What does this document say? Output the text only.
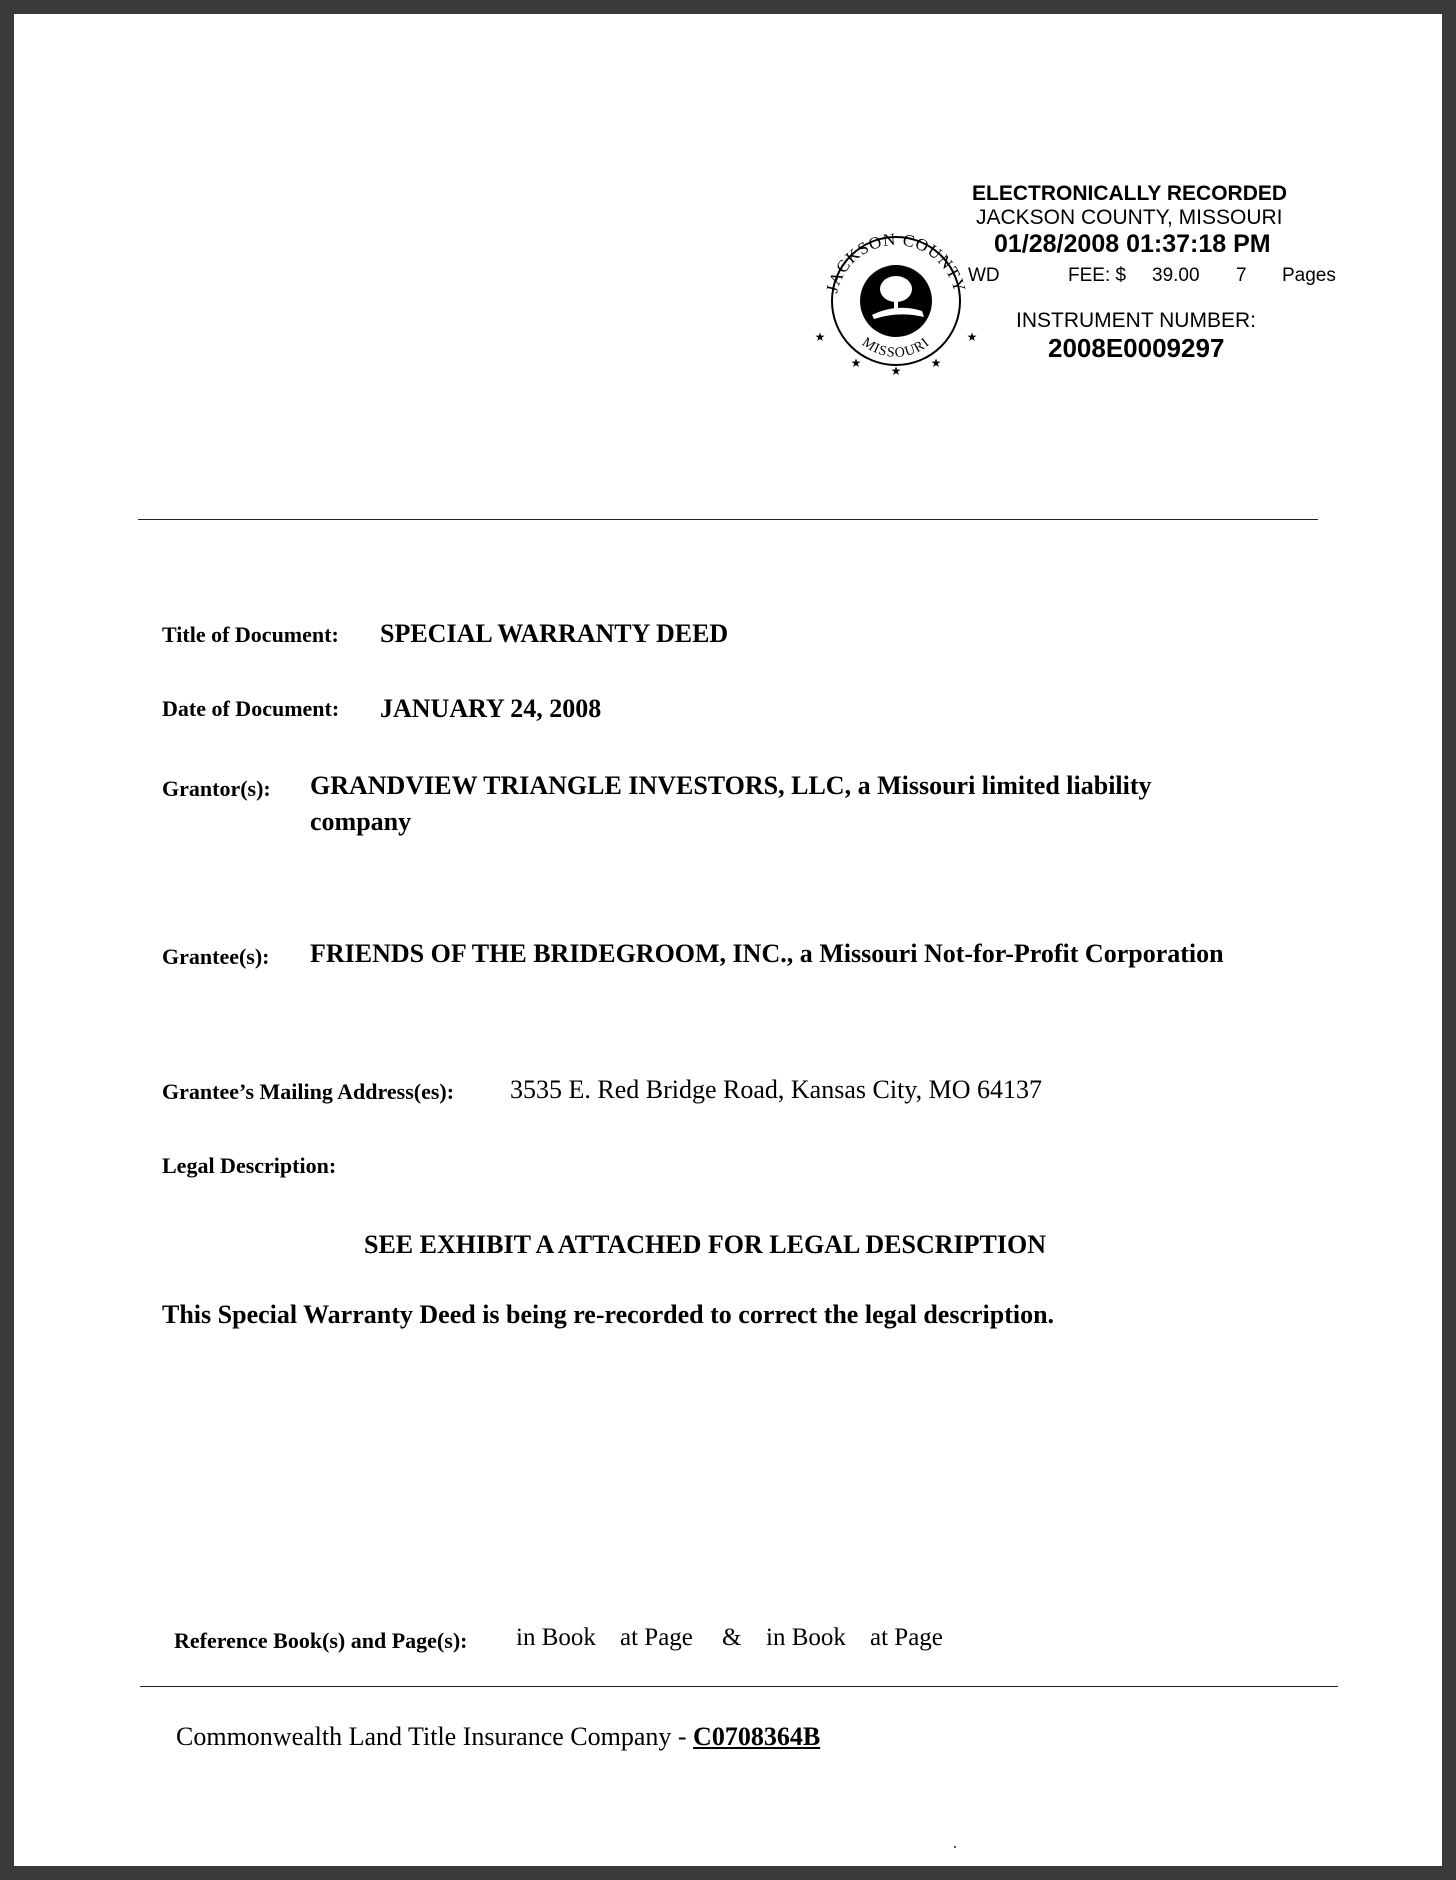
JACKSON COUNTY
MISSOURI
★	★
★
★
★
ELECTRONICALLY RECORDED
JACKSON COUNTY, MISSOURI
01/28/2008 01:37:18 PM
WD	FEE: $ 39.00 7 Pages
INSTRUMENT NUMBER:
2008E0009297
Title of Document: SPECIAL WARRANTY DEED
Date of Document: JANUARY 24, 2008
Grantor(s): GRANDVIEW TRIANGLE INVESTORS, LLC, a Missouri limited liability
company
Grantee(s): FRIENDS OF THE BRIDEGROOM, INC., a Missouri Not-for-Profit Corporation
Grantee’s Mailing Address(es): 3535 E. Red Bridge Road, Kansas City, MO 64137
Legal Description:
SEE EXHIBIT A ATTACHED FOR LEGAL DESCRIPTION
This Special Warranty Deed is being re-recorded to correct the legal description.
Reference Book(s) and Page(s): in Book at Page & in Book at Page
Commonwealth Land Title Insurance Company - C0708364B
